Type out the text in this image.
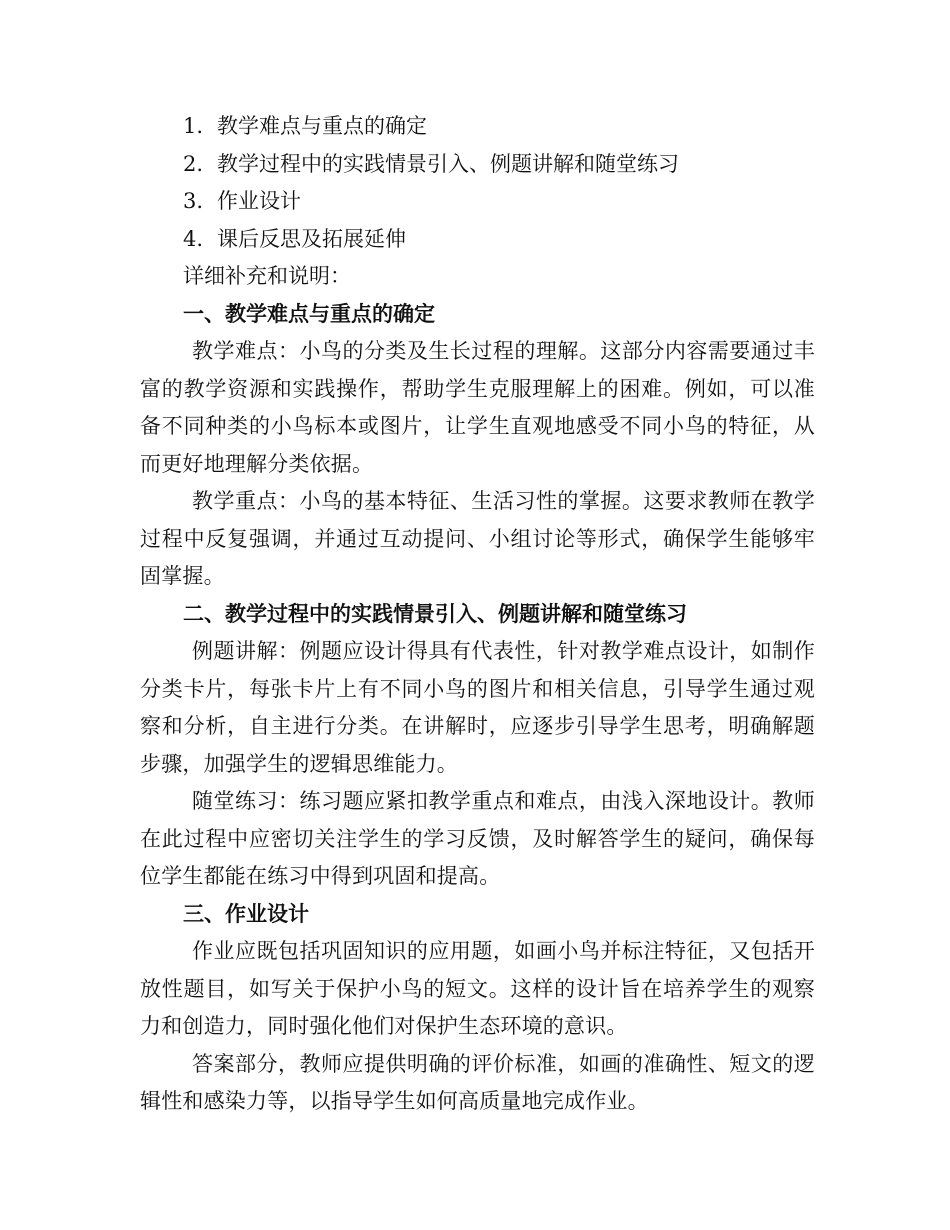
1. 教学难点与重点的确定
2. 教学过程中的实践情景引入、例题讲解和随堂练习
3. 作业设计
4. 课后反思及拓展延伸
详细补充和说明：
一、教学难点与重点的确定

教学难点：小鸟的分类及生长过程的理解。这部分内容需要通过丰富的教学资源和实践操作，帮助学生克服理解上的困难。例如，可以准备不同种类的小鸟标本或图片，让学生直观地感受不同小鸟的特征，从而更好地理解分类依据。

教学重点：小鸟的基本特征、生活习性的掌握。这要求教师在教学过程中反复强调，并通过互动提问、小组讨论等形式，确保学生能够牢固掌握。

二、教学过程中的实践情景引入、例题讲解和随堂练习

例题讲解：例题应设计得具有代表性，针对教学难点设计，如制作分类卡片，每张卡片上有不同小鸟的图片和相关信息，引导学生通过观察和分析，自主进行分类。在讲解时，应逐步引导学生思考，明确解题步骤，加强学生的逻辑思维能力。

随堂练习：练习题应紧扣教学重点和难点，由浅入深地设计。教师在此过程中应密切关注学生的学习反馈，及时解答学生的疑问，确保每位学生都能在练习中得到巩固和提高。

三、作业设计

作业应既包括巩固知识的应用题，如画小鸟并标注特征，又包括开放性题目，如写关于保护小鸟的短文。这样的设计旨在培养学生的观察力和创造力，同时强化他们对保护生态环境的意识。

答案部分，教师应提供明确的评价标准，如画的准确性、短文的逻辑性和感染力等，以指导学生如何高质量地完成作业。
